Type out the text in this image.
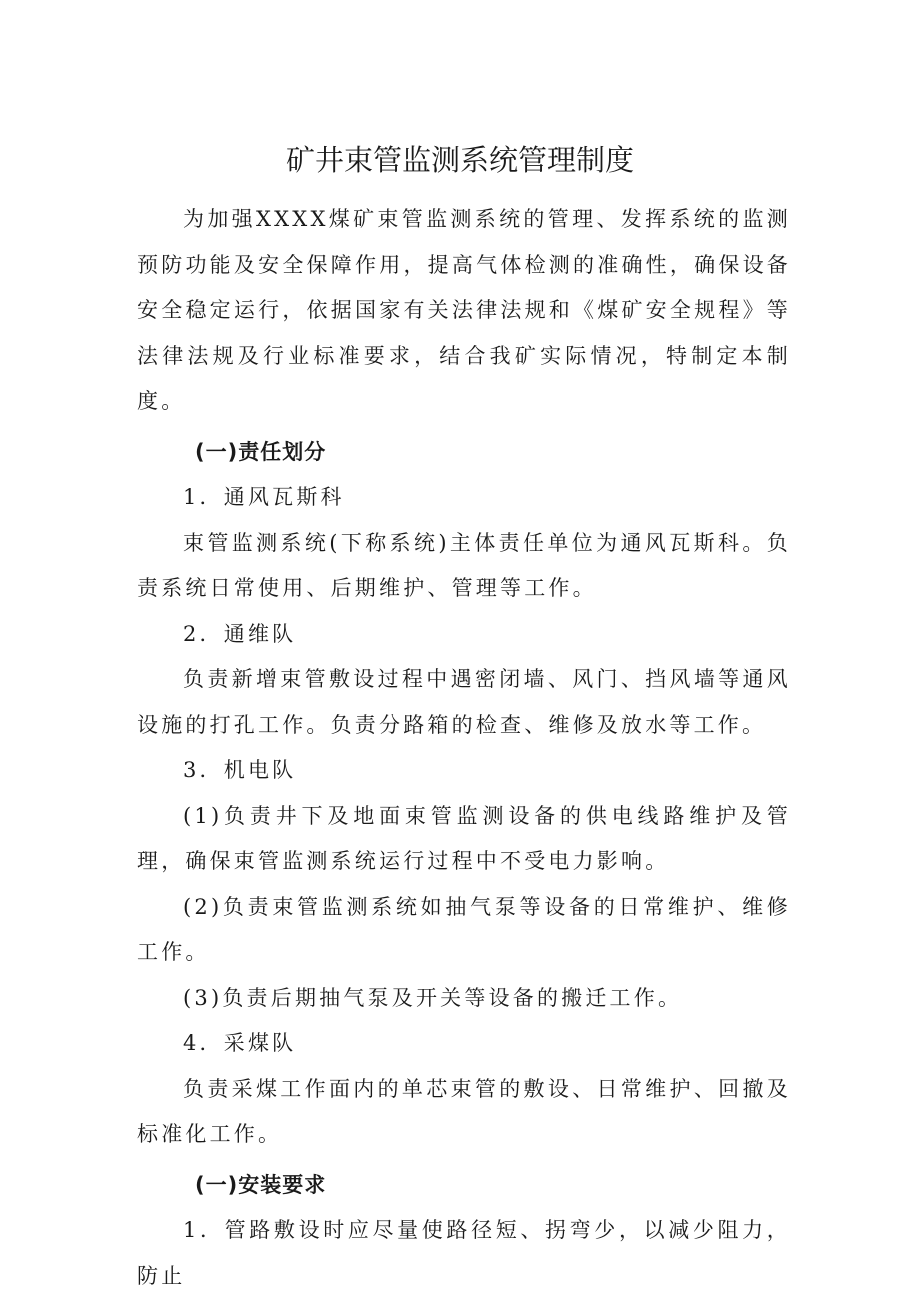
矿井束管监测系统管理制度

为加强XXXX煤矿束管监测系统的管理、发挥系统的监测预防功能及安全保障作用，提高气体检测的准确性，确保设备安全稳定运行，依据国家有关法律法规和《煤矿安全规程》等法律法规及行业标准要求，结合我矿实际情况，特制定本制度。

(一)责任划分

1．通风瓦斯科

束管监测系统(下称系统)主体责任单位为通风瓦斯科。负责系统日常使用、后期维护、管理等工作。

2．通维队

负责新增束管敷设过程中遇密闭墙、风门、挡风墙等通风设施的打孔工作。负责分路箱的检查、维修及放水等工作。

3．机电队

(1)负责井下及地面束管监测设备的供电线路维护及管理，确保束管监测系统运行过程中不受电力影响。

(2)负责束管监测系统如抽气泵等设备的日常维护、维修工作。

(3)负责后期抽气泵及开关等设备的搬迁工作。

4．采煤队

负责采煤工作面内的单芯束管的敷设、日常维护、回撤及标准化工作。

(一)安装要求

1．管路敷设时应尽量使路径短、拐弯少，以减少阻力，防止
